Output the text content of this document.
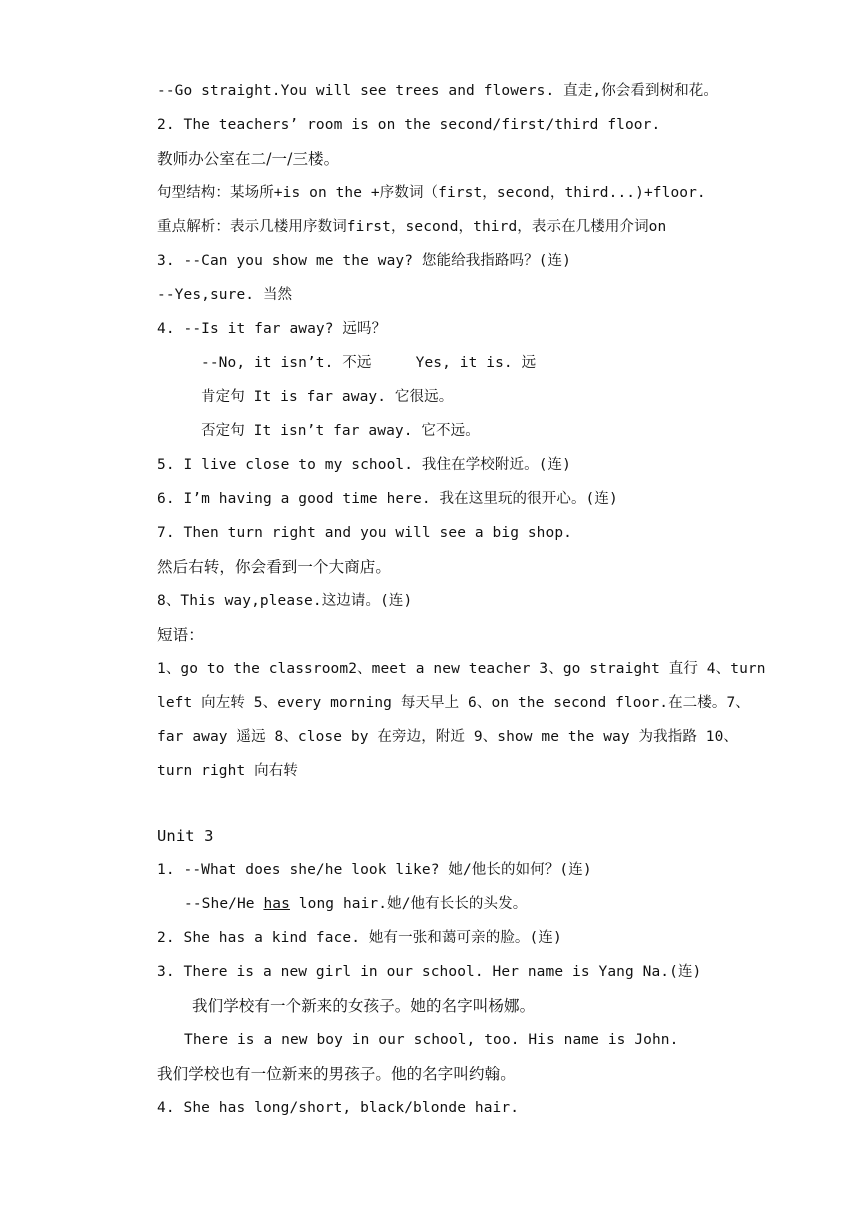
--Go straight.You will see trees and flowers. 直走,你会看到树和花。
2. The teachers’ room is on the second/first/third floor.
教师办公室在二/一/三楼。
句型结构：某场所+is on the +序数词（first，second，third...)+floor.
重点解析：表示几楼用序数词first，second，third，表示在几楼用介词on
3. --Can you show me the way? 您能给我指路吗？(连)
--Yes,sure. 当然
4. --Is it far away? 远吗？
--No, it isn’t. 不远     Yes, it is. 远
肯定句 It is far away. 它很远。
否定句 It isn’t far away. 它不远。
5. I live close to my school. 我住在学校附近。(连)
6. I’m having a good time here. 我在这里玩的很开心。(连)
7. Then turn right and you will see a big shop.
然后右转，你会看到一个大商店。
8、This way,please.这边请。(连)
短语：
1、go to the classroom2、meet a new teacher 3、go straight 直行 4、turn
left 向左转 5、every morning 每天早上 6、on the second floor.在二楼。7、
far away 遥远 8、close by 在旁边，附近 9、show me the way 为我指路 10、
turn right 向右转
Unit 3
1. --What does she/he look like? 她/他长的如何？(连)
--She/He has long hair.她/他有长长的头发。
2. She has a kind face. 她有一张和蔼可亲的脸。(连)
3. There is a new girl in our school. Her name is Yang Na.(连)
我们学校有一个新来的女孩子。她的名字叫杨娜。
There is a new boy in our school, too. His name is John.
我们学校也有一位新来的男孩子。他的名字叫约翰。
4. She has long/short, black/blonde hair.
